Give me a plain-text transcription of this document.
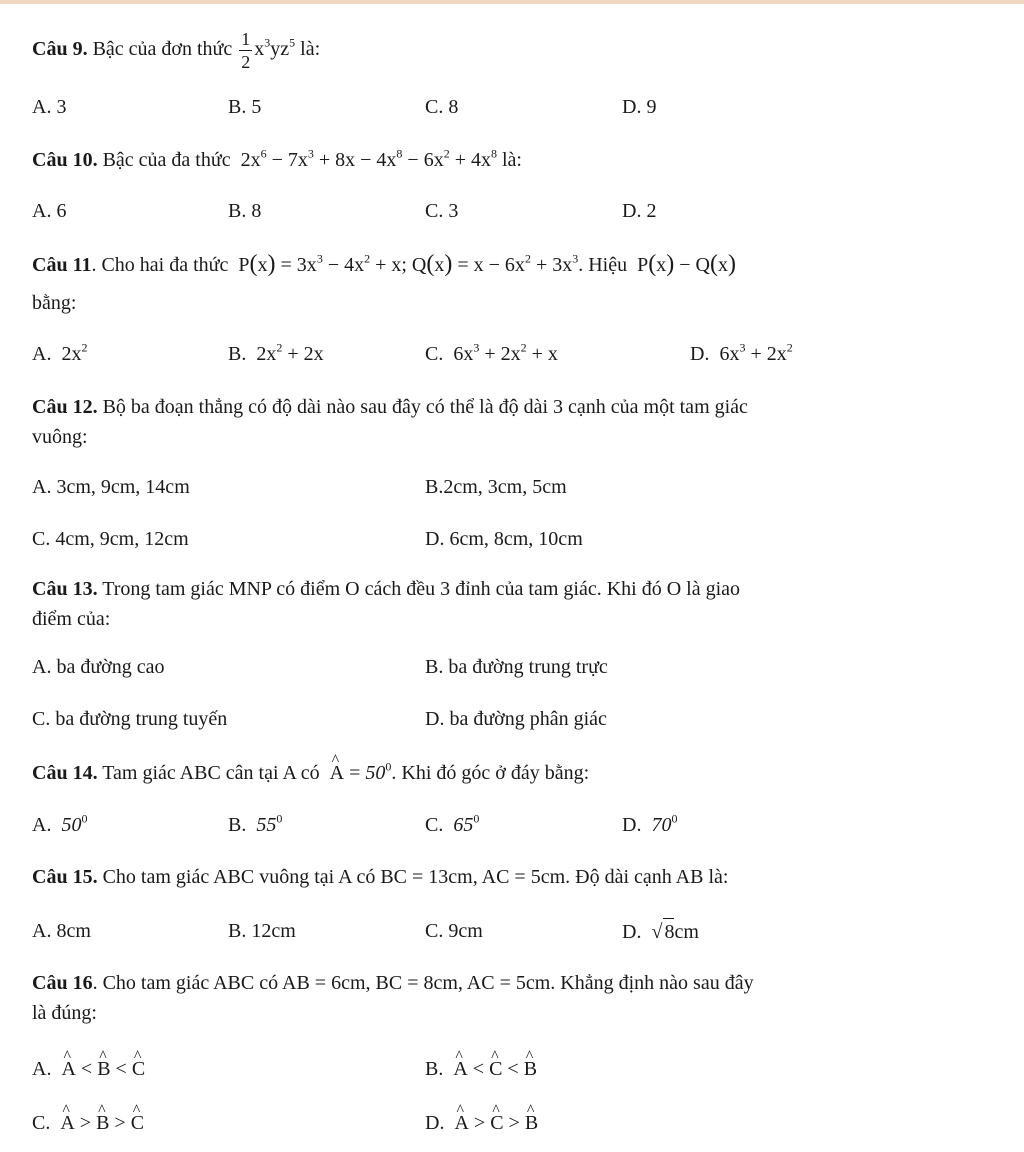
Câu 9. Bậc của đơn thức $\frac{1}{2} x^3yz^5$ là:
A. 3	B. 5	C. 8	D. 9
Câu 10. Bậc của đa thức  $2x^6 - 7x^3 + 8x - 4x^8 - 6x^2 + 4x^8$ là:
A. 6	B. 8	C. 3	D. 2
Câu 11. Cho hai đa thức  $P(x) = 3x^3 - 4x^2 + x$; $Q(x) = x - 6x^2 + 3x^3$. Hiệu  P(x) − Q(x)
bằng:
A. $2x^2$	B. $2x^2 + 2x$	C. $6x^3 + 2x^2 + x$	D. $6x^3 + 2x^2$
Câu 12. Bộ ba đoạn thẳng có độ dài nào sau đây có thể là độ dài 3 cạnh của một tam giác
vuông:
A. 3cm, 9cm, 14cm	B.2cm, 3cm, 5cm
C. 4cm, 9cm, 12cm	D. 6cm, 8cm, 10cm
Câu 13. Trong tam giác MNP có điểm O cách đều 3 đỉnh của tam giác. Khi đó O là giao
điểm của:
A. ba đường cao	B. ba đường trung trực
C. ba đường trung tuyến	D. ba đường phân giác
Câu 14. Tam giác ABC cân tại A có ^ $A = 50^0$. Khi đó góc ở đáy bằng:
A. $50^0$	B. $55^0$	C. $65^0$	D. $70^0$
Câu 15. Cho tam giác ABC vuông tại A có BC = 13cm, AC = 5cm. Độ dài cạnh AB là:
A. 8cm	B. 12cm	C. 9cm	D. √ 8cm
Câu 16. Cho tam giác ABC có AB = 6cm, BC = 8cm, AC = 5cm. Khẳng định nào sau đây
là đúng:
A. ^ A < ^ B < ^ C	B. ^ A < ^ C < ^ B
C. ^ A > ^ B > ^ C	D. ^ A > ^ C > ^ B
